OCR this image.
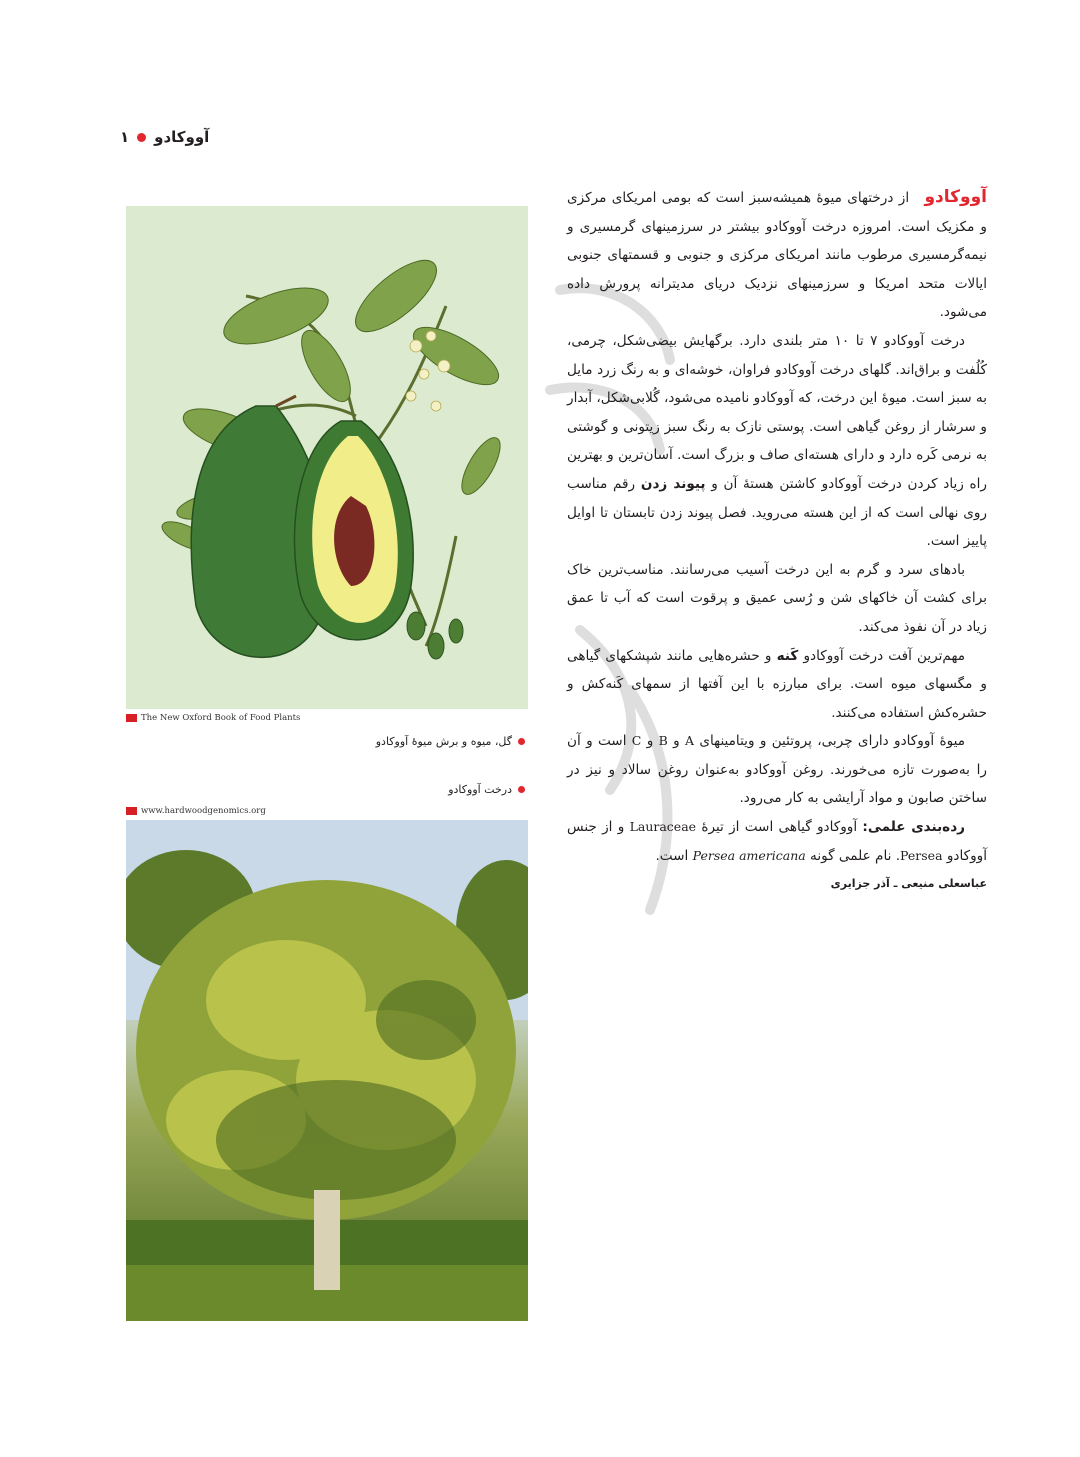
۱ آووکادو
The New Oxford Book of Food Plants
گل، میوه و برش میوهٔ آووکادو
درخت آووکادو
www.hardwoodgenomics.org

آووکادو از درختهای میوهٔ همیشه‌سبز است که بومی امریکای مرکزی و مکزیک است. امروزه درخت آووکادو بیشتر در سرزمینهای گرمسیری و نیمه‌گرمسیری مرطوب مانند امریکای مرکزی و جنوبی و قسمتهای جنوبی ایالات متحد امریکا و سرزمینهای نزدیک دریای مدیترانه پرورش داده می‌شود.

درخت آووکادو ۷ تا ۱۰ متر بلندی دارد. برگهایش بیضی‌شکل، چرمی، کُلُفت و براق‌اند. گلهای درخت آووکادو فراوان، خوشه‌ای و به رنگ زرد مایل به سبز است. میوهٔ این درخت، که آووکادو نامیده می‌شود، گُلابی‌شکل، آبدار و سرشار از روغن گیاهی است. پوستی نازک به رنگ سبز زیتونی و گوشتی به نرمی کَره دارد و دارای هسته‌ای صاف و بزرگ است. آسان‌ترین و بهترین راه زیاد کردن درخت آووکادو کاشتن هستهٔ آن و پیوند زدن رقم مناسب روی نهالی است که از این هسته می‌روید. فصل پیوند زدن تابستان تا اوایل پاییز است.

بادهای سرد و گرم به این درخت آسیب می‌رسانند. مناسب‌ترین خاک برای کشت آن خاکهای شن و رُسی عمیق و پرقوت است که آب تا عمق زیاد در آن نفوذ می‌کند.

مهم‌ترین آفت درخت آووکادو کَنه و حشره‌هایی مانند شپشکهای گیاهی و مگسهای میوه است. برای مبارزه با این آفتها از سمهای کَنه‌کش و حشره‌کش استفاده می‌کنند.

میوهٔ آووکادو دارای چربی، پروتئین و ویتامینهای A و B و C است و آن را به‌صورت تازه می‌خورند. روغن آووکادو به‌عنوان روغن سالاد و نیز در ساختن صابون و مواد آرایشی به کار می‌رود.

رده‌بندی علمی: آووکادو گیاهی است از تیرهٔ Lauraceae و از جنس آووکادو Persea. نام علمی گونه Persea americana است.

عباسعلی منیعی ـ آذر جزایری
